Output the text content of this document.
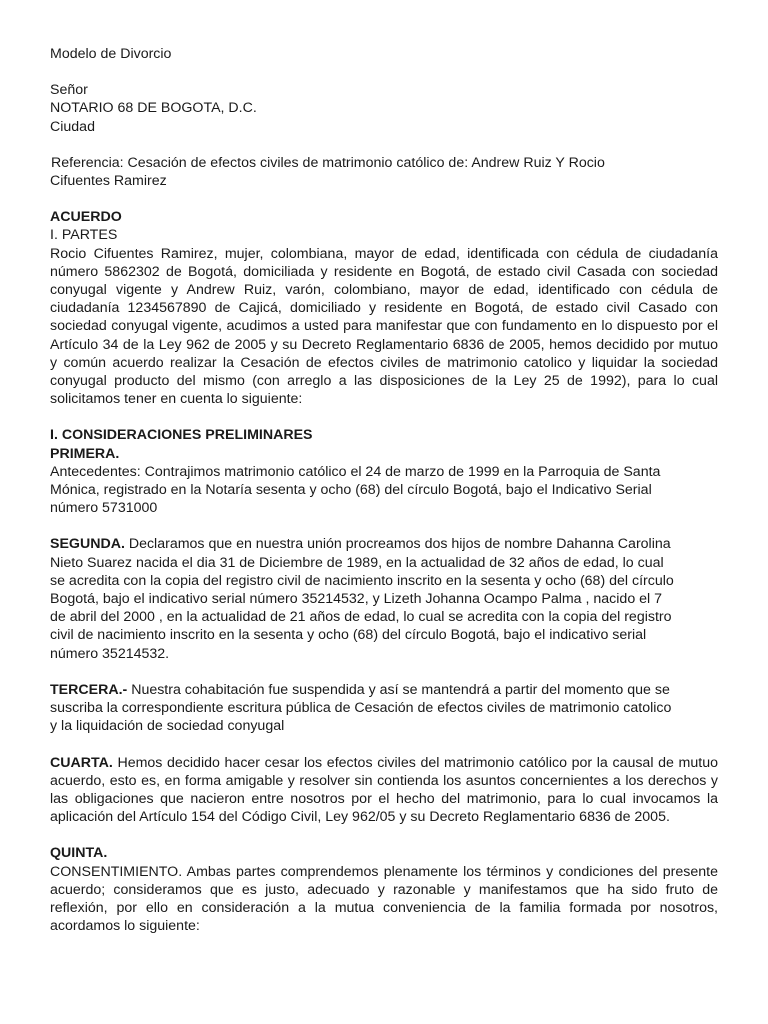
Modelo de Divorcio
Señor
NOTARIO 68 DE BOGOTA, D.C.
Ciudad
Referencia: Cesación de efectos civiles de matrimonio católico de: Andrew Ruiz Y Rocio
Cifuentes Ramirez
ACUERDO
I. PARTES
Rocio Cifuentes Ramirez, mujer, colombiana, mayor de edad, identificada con cédula de ciudadanía número 5862302 de Bogotá, domiciliada y residente en Bogotá, de estado civil Casada con sociedad conyugal vigente y Andrew Ruiz, varón, colombiano, mayor de edad, identificado con cédula de ciudadanía 1234567890 de Cajicá, domiciliado y residente en Bogotá, de estado civil Casado con sociedad conyugal vigente, acudimos a usted para manifestar que con fundamento en lo dispuesto por el Artículo 34 de la Ley 962 de 2005 y su Decreto Reglamentario 6836 de 2005, hemos decidido por mutuo y común acuerdo realizar la Cesación de efectos civiles de matrimonio catolico y liquidar la sociedad conyugal producto del mismo (con arreglo a las disposiciones de la Ley 25 de 1992), para lo cual solicitamos tener en cuenta lo siguiente:
I. CONSIDERACIONES PRELIMINARES
PRIMERA.
Antecedentes: Contrajimos matrimonio católico el 24 de marzo de 1999 en la Parroquia de Santa
Mónica, registrado en la Notaría sesenta y ocho (68) del círculo Bogotá, bajo el Indicativo Serial
número 5731000
SEGUNDA. Declaramos que en nuestra unión procreamos dos hijos de nombre Dahanna Carolina
Nieto Suarez nacida el dia 31 de Diciembre de 1989, en la actualidad de 32 años de edad, lo cual
se acredita con la copia del registro civil de nacimiento inscrito en la sesenta y ocho (68) del círculo
Bogotá, bajo el indicativo serial número 35214532, y Lizeth Johanna Ocampo Palma , nacido el 7
de abril del 2000 , en la actualidad de 21 años de edad, lo cual se acredita con la copia del registro
civil de nacimiento inscrito en la sesenta y ocho (68) del círculo Bogotá, bajo el indicativo serial
número 35214532.
TERCERA.- Nuestra cohabitación fue suspendida y así se mantendrá a partir del momento que se
suscriba la correspondiente escritura pública de Cesación de efectos civiles de matrimonio catolico
y la liquidación de sociedad conyugal
CUARTA. Hemos decidido hacer cesar los efectos civiles del matrimonio católico por la causal de mutuo acuerdo, esto es, en forma amigable y resolver sin contienda los asuntos concernientes a los derechos y las obligaciones que nacieron entre nosotros por el hecho del matrimonio, para lo cual invocamos la aplicación del Artículo 154 del Código Civil, Ley 962/05 y su Decreto Reglamentario 6836 de 2005.
QUINTA.
CONSENTIMIENTO. Ambas partes comprendemos plenamente los términos y condiciones del presente acuerdo; consideramos que es justo, adecuado y razonable y manifestamos que ha sido fruto de reflexión, por ello en consideración a la mutua conveniencia de la familia formada por nosotros, acordamos lo siguiente:
